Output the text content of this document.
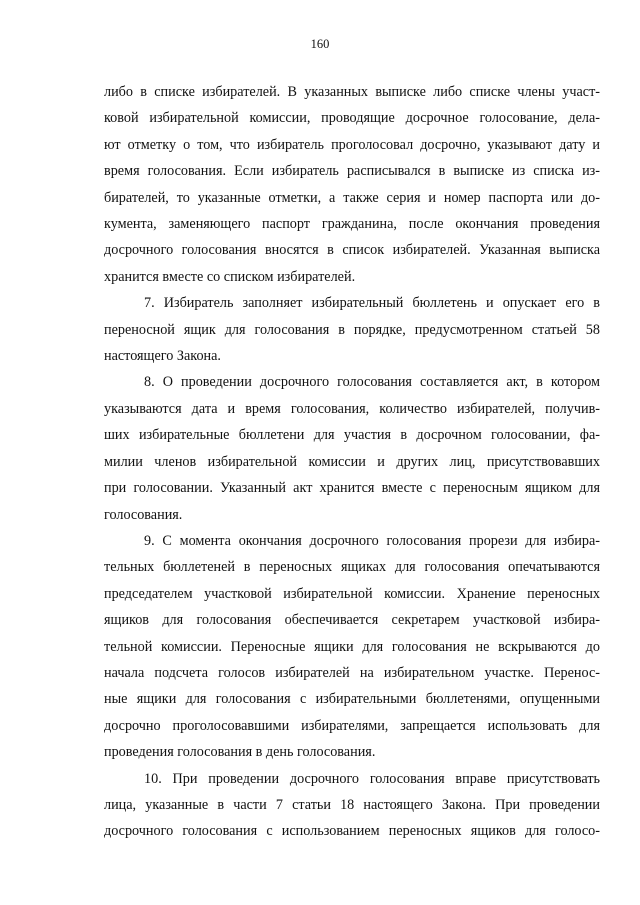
160

либо в списке избирателей. В указанных выписке либо списке члены участ-
ковой избирательной комиссии, проводящие досрочное голосование, дела-
ют отметку о том, что избиратель проголосовал досрочно, указывают дату и
время голосования. Если избиратель расписывался в выписке из списка из-
бирателей, то указанные отметки, а также серия и номер паспорта или до-
кумента, заменяющего паспорт гражданина, после окончания проведения
досрочного голосования вносятся в список избирателей. Указанная выписка
хранится вместе со списком избирателей.

7. Избиратель заполняет избирательный бюллетень и опускает его в
переносной ящик для голосования в порядке, предусмотренном статьей 58
настоящего Закона.

8. О проведении досрочного голосования составляется акт, в котором
указываются дата и время голосования, количество избирателей, получив-
ших избирательные бюллетени для участия в досрочном голосовании, фа-
милии членов избирательной комиссии и других лиц, присутствовавших
при голосовании. Указанный акт хранится вместе с переносным ящиком для
голосования.

9. С момента окончания досрочного голосования прорези для избира-
тельных бюллетеней в переносных ящиках для голосования опечатываются
председателем участковой избирательной комиссии. Хранение переносных
ящиков для голосования обеспечивается секретарем участковой избира-
тельной комиссии. Переносные ящики для голосования не вскрываются до
начала подсчета голосов избирателей на избирательном участке. Перенос-
ные ящики для голосования с избирательными бюллетенями, опущенными
досрочно проголосовавшими избирателями, запрещается использовать для
проведения голосования в день голосования.

10. При проведении досрочного голосования вправе присутствовать
лица, указанные в части 7 статьи 18 настоящего Закона. При проведении
досрочного голосования с использованием переносных ящиков для голосо-
